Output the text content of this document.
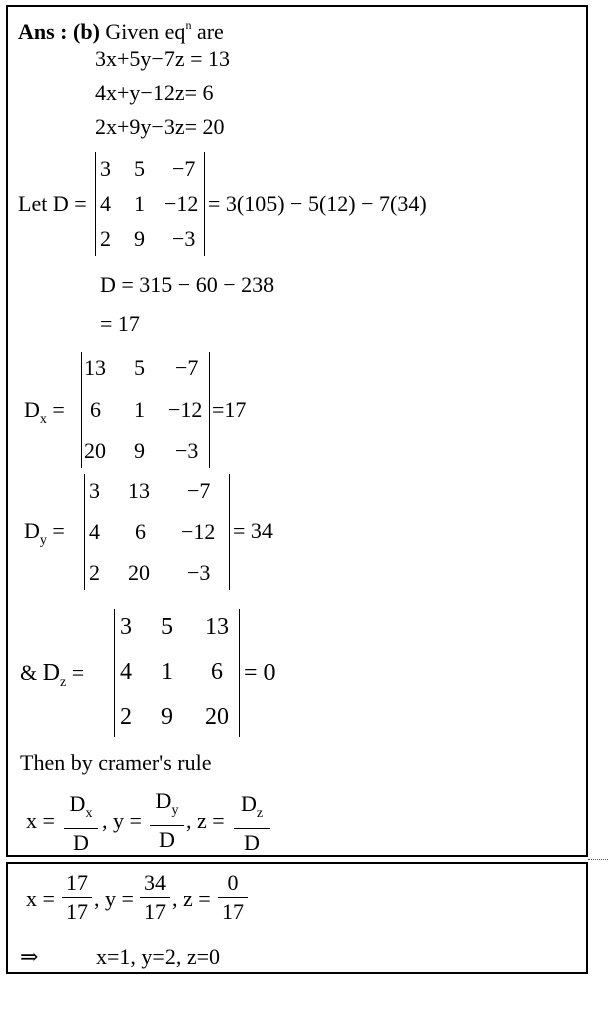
Ans : (b) Given $eq^n$ are
3x+5y−7z = 13
4x+y−12z= 6
2x+9y−3z= 20
Let D =
3 5 −7
4 1 −12
2 9 −3
= 3(105) − 5(12) − 7(34)
D = 315 − 60 − 238
= 17
$D_x$ =
13 5 −7
6 1 −12
20 9 −3
=17
$D_y$ =
3 13 −7
4 6 −12
2 20 −3
= 34
& $D_z$ =
3 5 13
4 1 6
2 9 20
= 0
Then by cramer's rule
x =
$D_x$
D
, y =
$D_y$
D
, z =
$D_z$
D
x =
17
17
, y =
34
17
, z =
0
17
⇒	x=1, y=2, z=0
